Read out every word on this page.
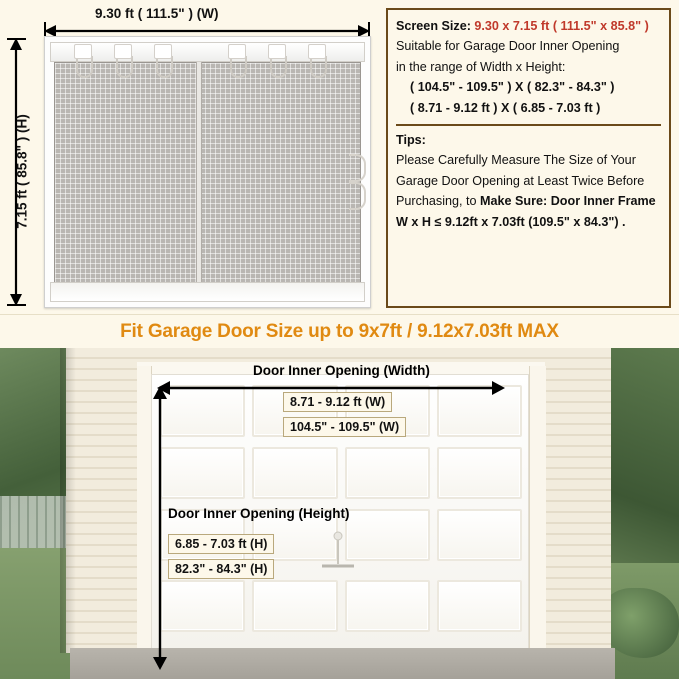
9.30 ft ( 111.5" ) (W)
7.15 ft ( 85.8" ) (H)
Screen Size: 9.30 x 7.15 ft ( 111.5" x 85.8" )
Suitable for Garage Door Inner Opening
in the range of Width x Height:
( 104.5" - 109.5" ) X ( 82.3" - 84.3" )
( 8.71 - 9.12 ft ) X ( 6.85 - 7.03 ft )
Tips:
Please Carefully Measure The Size of Your
Garage Door Opening at Least Twice Before
Purchasing, to Make Sure: Door Inner Frame
W x H ≤ 9.12ft x 7.03ft (109.5" x 84.3") .
Fit Garage Door Size up to 9x7ft / 9.12x7.03ft MAX
Door Inner Opening (Width)
8.71 - 9.12 ft (W)
104.5" - 109.5" (W)
Door Inner Opening (Height)
6.85 - 7.03 ft (H)
82.3" - 84.3" (H)
